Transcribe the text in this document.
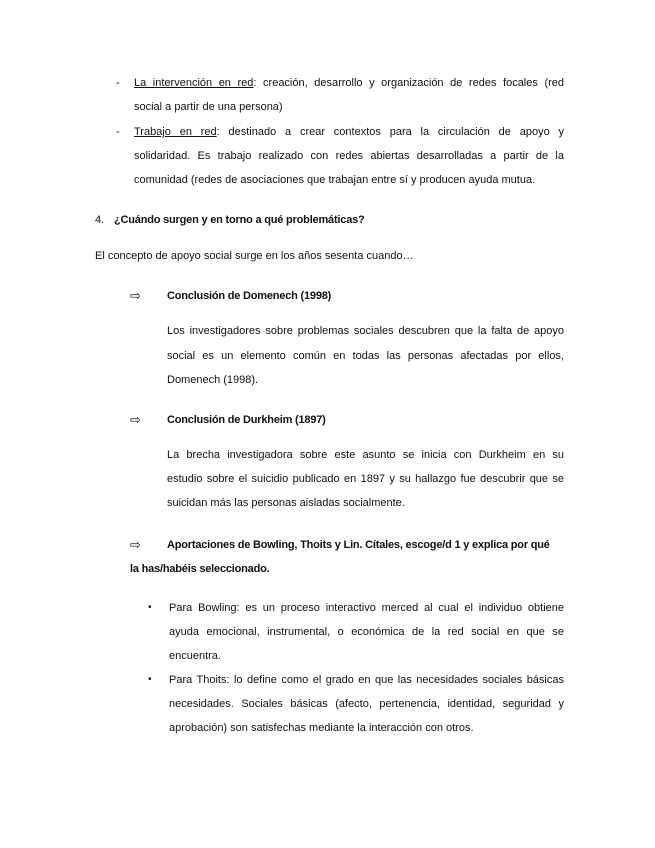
- La intervención en red: creación, desarrollo y organización de redes focales (red
social a partir de una persona)
- Trabajo en red: destinado a crear contextos para la circulación de apoyo y
solidaridad. Es trabajo realizado con redes abiertas desarrolladas a partir de la
comunidad (redes de asociaciones que trabajan entre sí y producen ayuda mutua.
4. ¿Cuándo surgen y en torno a qué problemáticas?
El concepto de apoyo social surge en los años sesenta cuando…
⇨ Conclusión de Domenech (1998)
Los investigadores sobre problemas sociales descubren que la falta de apoyo
social es un elemento común en todas las personas afectadas por ellos,
Domenech (1998).
⇨ Conclusión de Durkheim (1897)
La brecha investigadora sobre este asunto se inicia con Durkheim en su
estudio sobre el suicidio publicado en 1897 y su hallazgo fue descubrir que se
suicidan más las personas aisladas socialmente.
⇨ Aportaciones de Bowling, Thoits y Lin. Cítales, escoge/d 1 y explica por qué
la has/habéis seleccionado.
• Para Bowling: es un proceso interactivo merced al cual el individuo obtiene
ayuda emocional, instrumental, o económica de la red social en que se
encuentra.
• Para Thoits: lo define como el grado en que las necesidades sociales básicas
necesidades. Sociales básicas (afecto, pertenencia, identidad, seguridad y
aprobación) son satisfechas mediante la interacción con otros.
